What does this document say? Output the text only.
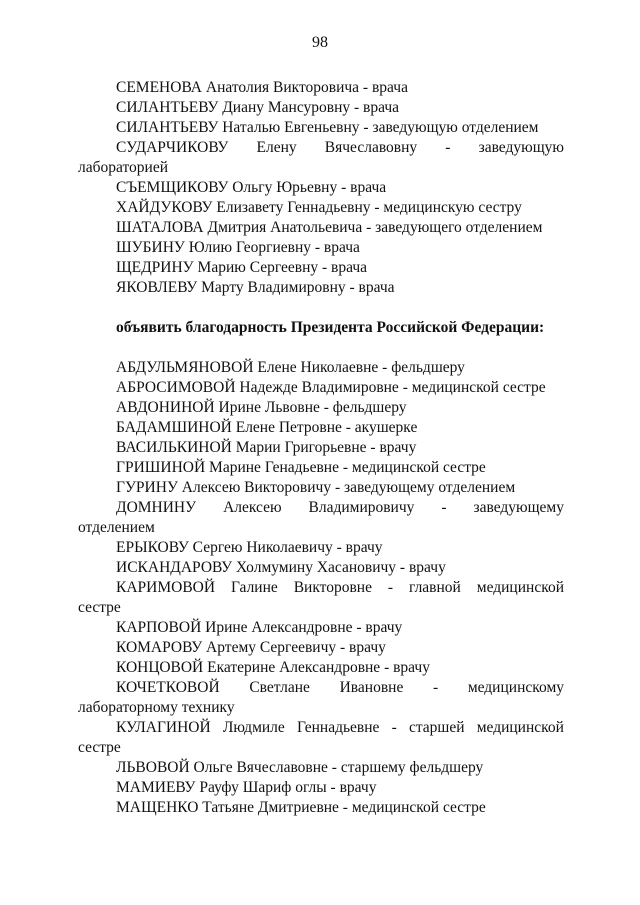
98
СЕМЕНОВА Анатолия Викторовича - врача
СИЛАНТЬЕВУ Диану Мансуровну - врача
СИЛАНТЬЕВУ Наталью Евгеньевну - заведующую отделением
СУДАРЧИКОВУ Елену Вячеславовну - заведующую
лабораторией
СЪЕМЩИКОВУ Ольгу Юрьевну - врача
ХАЙДУКОВУ Елизавету Геннадьевну - медицинскую сестру
ШАТАЛОВА Дмитрия Анатольевича - заведующего отделением
ШУБИНУ Юлию Георгиевну - врача
ЩЕДРИНУ Марию Сергеевну - врача
ЯКОВЛЕВУ Марту Владимировну - врача
объявить благодарность Президента Российской Федерации:
АБДУЛЬМЯНОВОЙ Елене Николаевне - фельдшеру
АБРОСИМОВОЙ Надежде Владимировне - медицинской сестре
АВДОНИНОЙ Ирине Львовне - фельдшеру
БАДАМШИНОЙ Елене Петровне - акушерке
ВАСИЛЬКИНОЙ Марии Григорьевне - врачу
ГРИШИНОЙ Марине Генадьевне - медицинской сестре
ГУРИНУ Алексею Викторовичу - заведующему отделением
ДОМНИНУ Алексею Владимировичу - заведующему
отделением
ЕРЫКОВУ Сергею Николаевичу - врачу
ИСКАНДАРОВУ Холмумину Хасановичу - врачу
КАРИМОВОЙ Галине Викторовне - главной медицинской
сестре
КАРПОВОЙ Ирине Александровне - врачу
КОМАРОВУ Артему Сергеевичу - врачу
КОНЦОВОЙ Екатерине Александровне - врачу
КОЧЕТКОВОЙ Светлане Ивановне - медицинскому
лабораторному технику
КУЛАГИНОЙ Людмиле Геннадьевне - старшей медицинской
сестре
ЛЬВОВОЙ Ольге Вячеславовне - старшему фельдшеру
МАМИЕВУ Рауфу Шариф оглы - врачу
МАЩЕНКО Татьяне Дмитриевне - медицинской сестре
